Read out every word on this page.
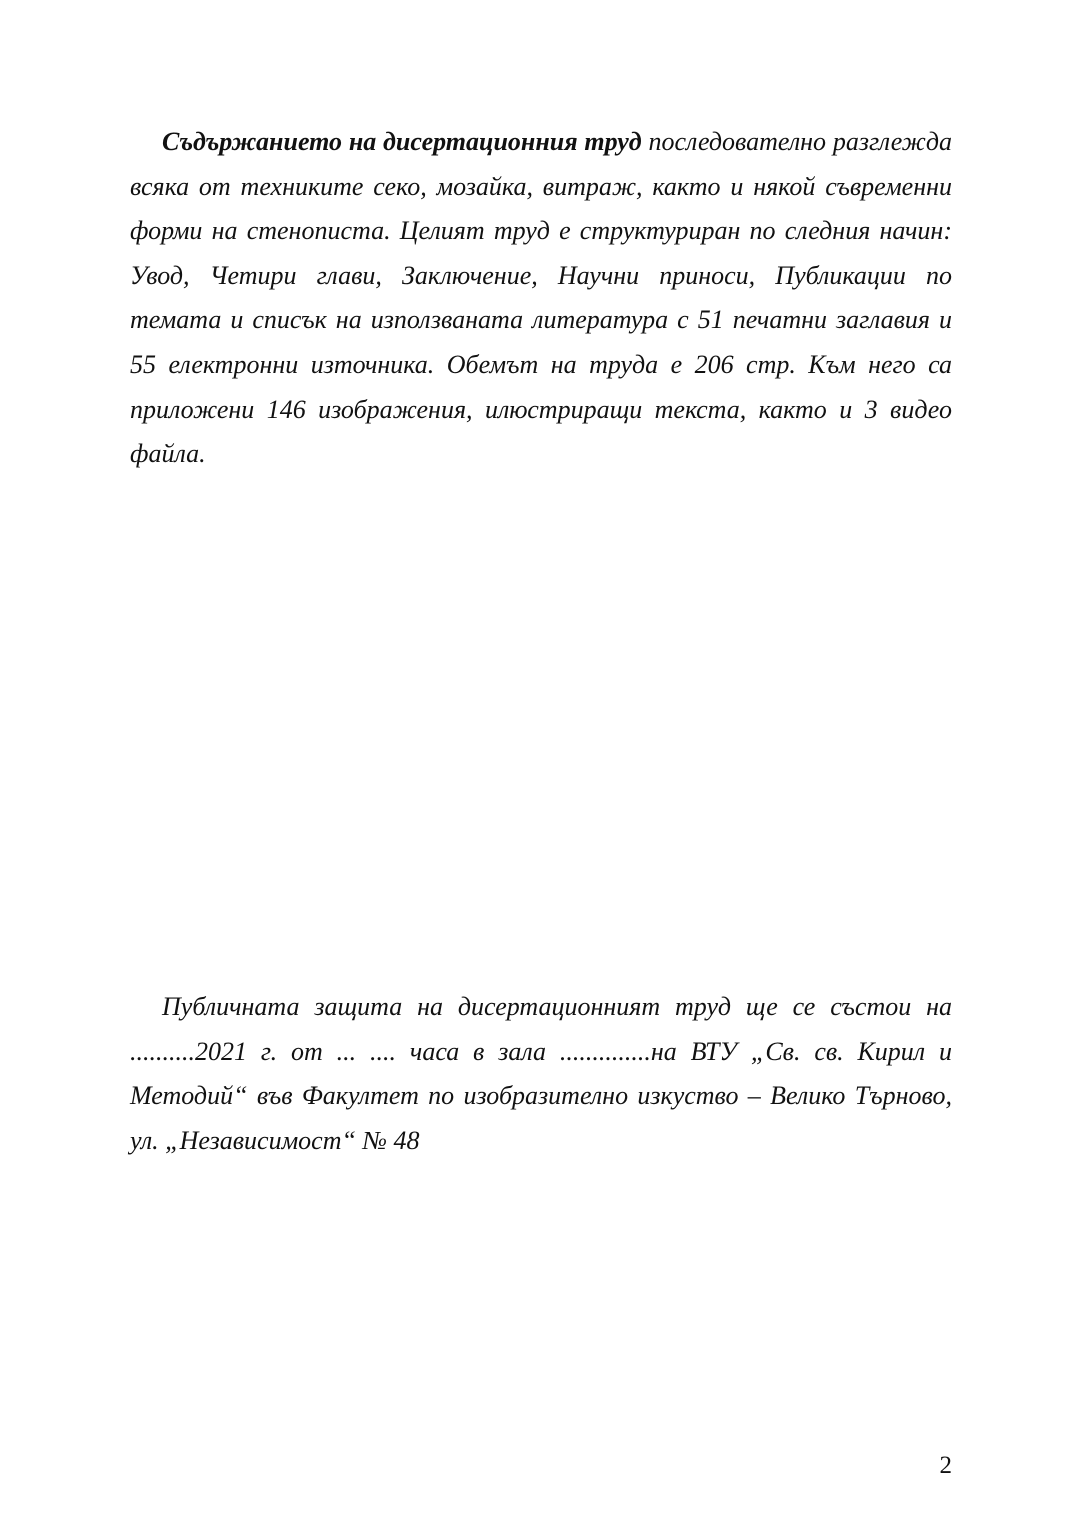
Съдържанието на дисертационния труд последователно разглежда всяка от техниките секо, мозайка, витраж, както и някой съвременни форми на стенописта. Целият труд е структуриран по следния начин: Увод, Четири глави, Заключение, Научни приноси, Публикации по темата и списък на използваната литература с 51 печатни заглавия и 55 електронни източника. Обемът на труда е 206 стр. Към него са приложени 146 изображения, илюстриращи текста, както и 3 видео файла.

Публичната защита на дисертационният труд ще се състои на ..........2021 г. от ... .... часа в зала ..............на ВТУ „Св. св. Кирил и Методий“ във Факултет по изобразително изкуство – Велико Търново, ул. „Независимост“ № 48

2
